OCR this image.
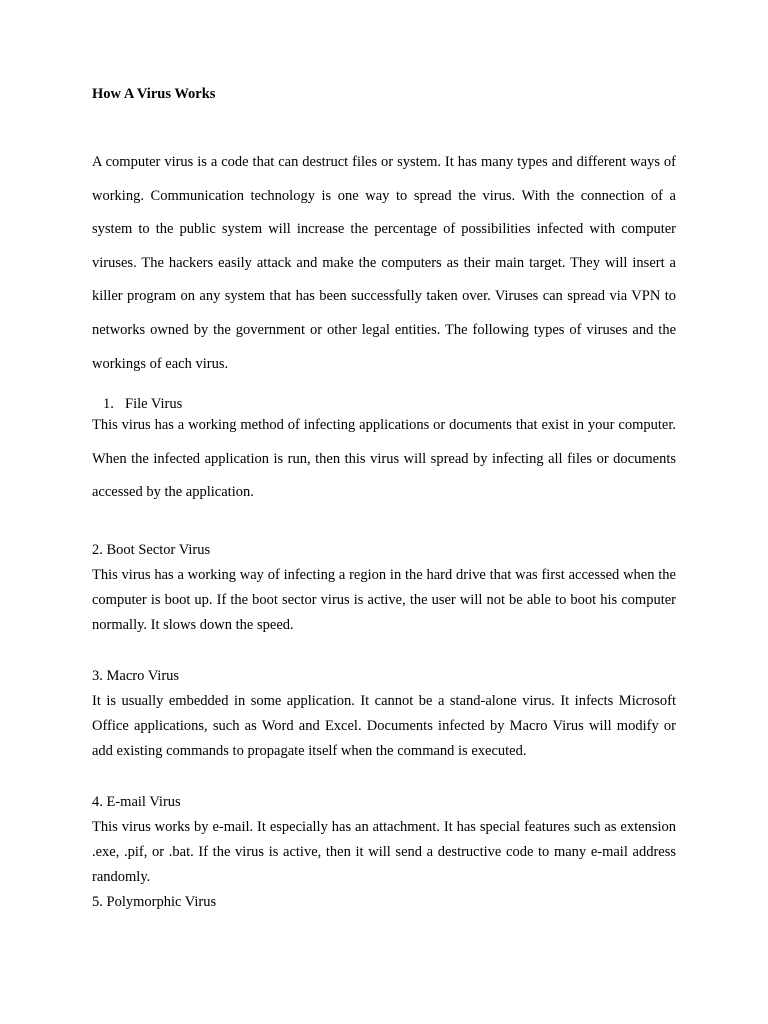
How A Virus Works

A computer virus is a code that can destruct files or system. It has many types and different ways of working. Communication technology is one way to spread the virus. With the connection of a system to the public system will increase the percentage of possibilities infected with computer viruses. The hackers easily attack and make the computers as their main target. They will insert a killer program on any system that has been successfully taken over. Viruses can spread via VPN to networks owned by the government or other legal entities. The following types of viruses and the workings of each virus.

1. File Virus

This virus has a working method of infecting applications or documents that exist in your computer. When the infected application is run, then this virus will spread by infecting all files or documents accessed by the application.

2. Boot Sector Virus

This virus has a working way of infecting a region in the hard drive that was first accessed when the computer is boot up. If the boot sector virus is active, the user will not be able to boot his computer normally. It slows down the speed.

3. Macro Virus

It is usually embedded in some application. It cannot be a stand-alone virus. It infects Microsoft Office applications, such as Word and Excel. Documents infected by Macro Virus will modify or add existing commands to propagate itself when the command is executed.

4. E-mail Virus

This virus works by e-mail. It especially has an attachment. It has special features such as extension .exe, .pif, or .bat. If the virus is active, then it will send a destructive code to many e-mail address randomly.

5. Polymorphic Virus
